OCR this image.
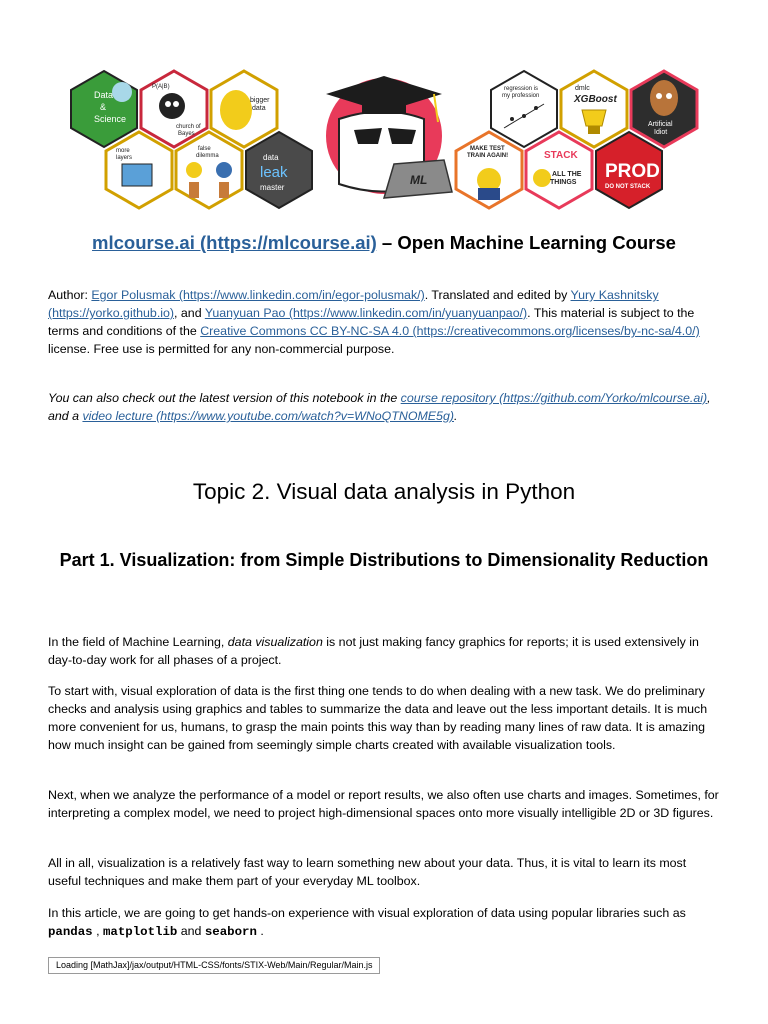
Data
&
Science
P(A|B)
church of
Bayes
bigger
data
more
layers
false
dilemma	data
leak
master
ML
regression is
my profession
dmlc
XGBoost
Artificial
Idiot
MAKE TEST
TRAIN AGAIN!	STACK
ALL THE
THINGS
PROD
DO NOT STACK
mlcourse.ai (https://mlcourse.ai) – Open Machine Learning Course

Author: Egor Polusmak (https://www.linkedin.com/in/egor-polusmak/). Translated and edited by Yury Kashnitsky (https://yorko.github.io), and Yuanyuan Pao (https://www.linkedin.com/in/yuanyuanpao/). This material is subject to the terms and conditions of the Creative Commons CC BY-NC-SA 4.0 (https://creativecommons.org/licenses/by-nc-sa/4.0/) license. Free use is permitted for any non-commercial purpose.

You can also check out the latest version of this notebook in the course repository (https://github.com/Yorko/mlcourse.ai), and a video lecture (https://www.youtube.com/watch?v=WNoQTNOME5g).

Topic 2. Visual data analysis in Python
Part 1. Visualization: from Simple Distributions to Dimensionality Reduction

In the field of Machine Learning, data visualization is not just making fancy graphics for reports; it is used extensively in day-to-day work for all phases of a project.

To start with, visual exploration of data is the first thing one tends to do when dealing with a new task. We do preliminary checks and analysis using graphics and tables to summarize the data and leave out the less important details. It is much more convenient for us, humans, to grasp the main points this way than by reading many lines of raw data. It is amazing how much insight can be gained from seemingly simple charts created with available visualization tools.

Next, when we analyze the performance of a model or report results, we also often use charts and images. Sometimes, for interpreting a complex model, we need to project high-dimensional spaces onto more visually intelligible 2D or 3D figures.

All in all, visualization is a relatively fast way to learn something new about your data. Thus, it is vital to learn its most useful techniques and make them part of your everyday ML toolbox.

In this article, we are going to get hands-on experience with visual exploration of data using popular libraries such as pandas , matplotlib and seaborn .

Loading [MathJax]/jax/output/HTML-CSS/fonts/STIX-Web/Main/Regular/Main.js
